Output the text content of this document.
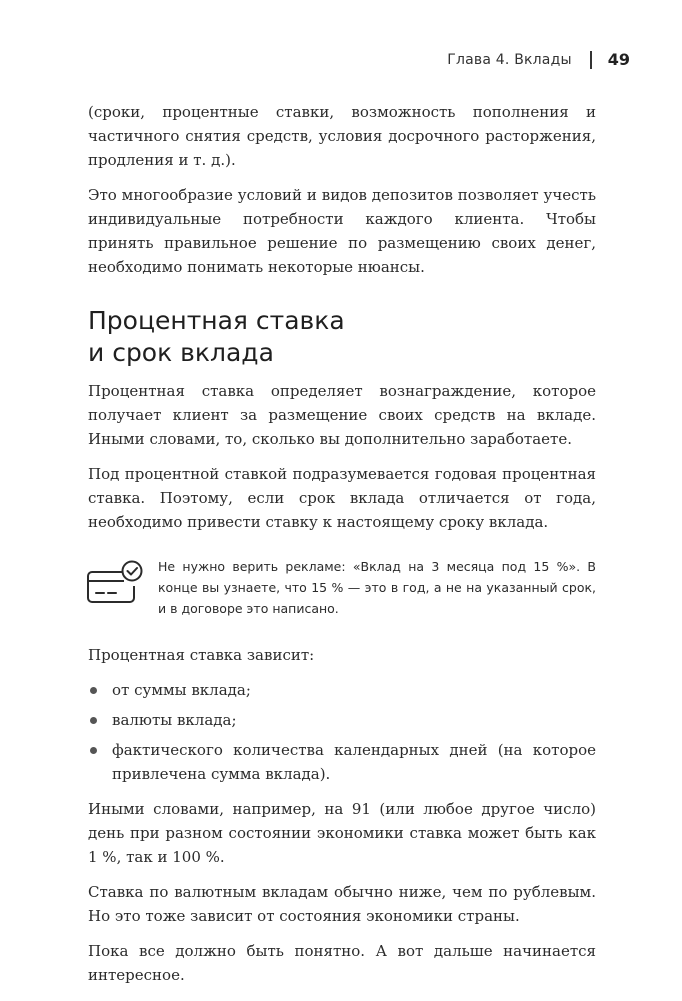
Глава 4. Вклады 49

(сроки, процентные ставки, возможность пополнения и частичного снятия средств, условия досрочного расторжения, продления и т. д.).

Это многообразие условий и видов депозитов позволяет учесть индивидуальные потребности каждого клиента. Чтобы принять правильное решение по размещению своих денег, необходимо понимать некоторые нюансы.

Процентная ставка
и срок вклада

Процентная ставка определяет вознаграждение, которое получает клиент за размещение своих средств на вкладе. Иными словами, то, сколько вы дополнительно заработаете.

Под процентной ставкой подразумевается годовая процентная ставка. Поэтому, если срок вклада отличается от года, необходимо привести ставку к настоящему сроку вклада.

Не нужно верить рекламе: «Вклад на 3 месяца под 15 %». В конце вы узнаете, что 15 % — это в год, а не на указанный срок, и в договоре это написано.

Процентная ставка зависит:

от суммы вклада;
валюты вклада;
фактического количества календарных дней (на которое привлечена сумма вклада).

Иными словами, например, на 91 (или любое другое число) день при разном состоянии экономики ставка может быть как 1 %, так и 100 %.

Ставка по валютным вкладам обычно ниже, чем по рублевым. Но это тоже зависит от состояния экономики страны.

Пока все должно быть понятно. А вот дальше начинается интересное.
